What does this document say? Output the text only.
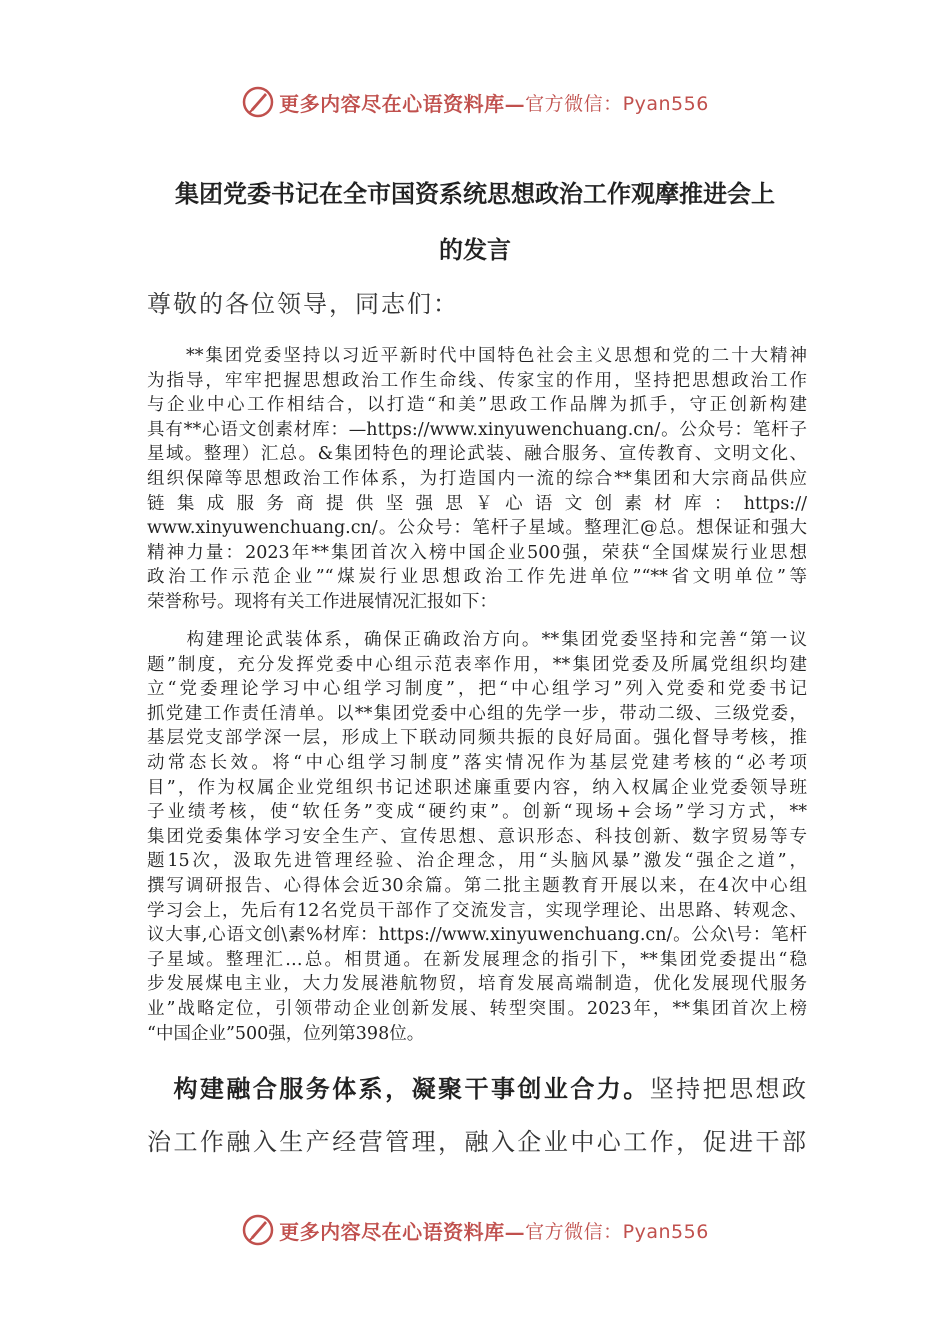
更多内容尽在心语资料库— 官方微信：Pyan556
集团党委书记在全市国资系统思想政治工作观摩推进会上
的发言

尊敬的各位领导，同志们：

　　**集团党委坚持以习近平新时代中国特色社会主义思想和党的二十大精神
为指导，牢牢把握思想政治工作生命线、传家宝的作用，坚持把思想政治工作
与企业中心工作相结合，以打造“和美”思政工作品牌为抓手，守正创新构建
具有**心语文创素材库：—https://www.xinyuwenchuang.cn/。公众号：笔杆子
星域。整理）汇总。&集团特色的理论武装、融合服务、宣传教育、文明文化、
组织保障等思想政治工作体系，为打造国内一流的综合**集团和大宗商品供应
链 集 成 服 务 商 提 供 坚 强 思 ￥ 心 语 文 创 素 材 库 ： https://
www.xinyuwenchuang.cn/。公众号：笔杆子星域。整理汇@总。想保证和强大
精神力量：2023年**集团首次入榜中国企业500强，荣获“全国煤炭行业思想
政治工作示范企业”“煤炭行业思想政治工作先进单位”“**省文明单位”等
荣誉称号。现将有关工作进展情况汇报如下：
　　构建理论武装体系，确保正确政治方向。**集团党委坚持和完善“第一议
题”制度，充分发挥党委中心组示范表率作用，**集团党委及所属党组织均建
立“党委理论学习中心组学习制度”，把“中心组学习”列入党委和党委书记
抓党建工作责任清单。以**集团党委中心组的先学一步，带动二级、三级党委，
基层党支部学深一层，形成上下联动同频共振的良好局面。强化督导考核，推
动常态长效。将“中心组学习制度”落实情况作为基层党建考核的“必考项
目”，作为权属企业党组织书记述职述廉重要内容，纳入权属企业党委领导班
子业绩考核，使“软任务”变成“硬约束”。创新“现场+会场”学习方式，**
集团党委集体学习安全生产、宣传思想、意识形态、科技创新、数字贸易等专
题15次，汲取先进管理经验、治企理念，用“头脑风暴”激发“强企之道”，
撰写调研报告、心得体会近30余篇。第二批主题教育开展以来，在4次中心组
学习会上，先后有12名党员干部作了交流发言，实现学理论、出思路、转观念、
议大事,心语文创\素%材库：https://www.xinyuwenchuang.cn/。公众\号：笔杆
子星域。整理汇…总。相贯通。在新发展理念的指引下，**集团党委提出“稳
步发展煤电主业，大力发展港航物贸，培育发展高端制造，优化发展现代服务
业”战略定位，引领带动企业创新发展、转型突围。2023年，**集团首次上榜
“中国企业”500强，位列第398位。
　​构建融合服务体系，凝聚干事创业合力。坚持把思想政
治工作融入生产经营管理，融入企业中心工作，促进干部
更多内容尽在心语资料库— 官方微信：Pyan556
